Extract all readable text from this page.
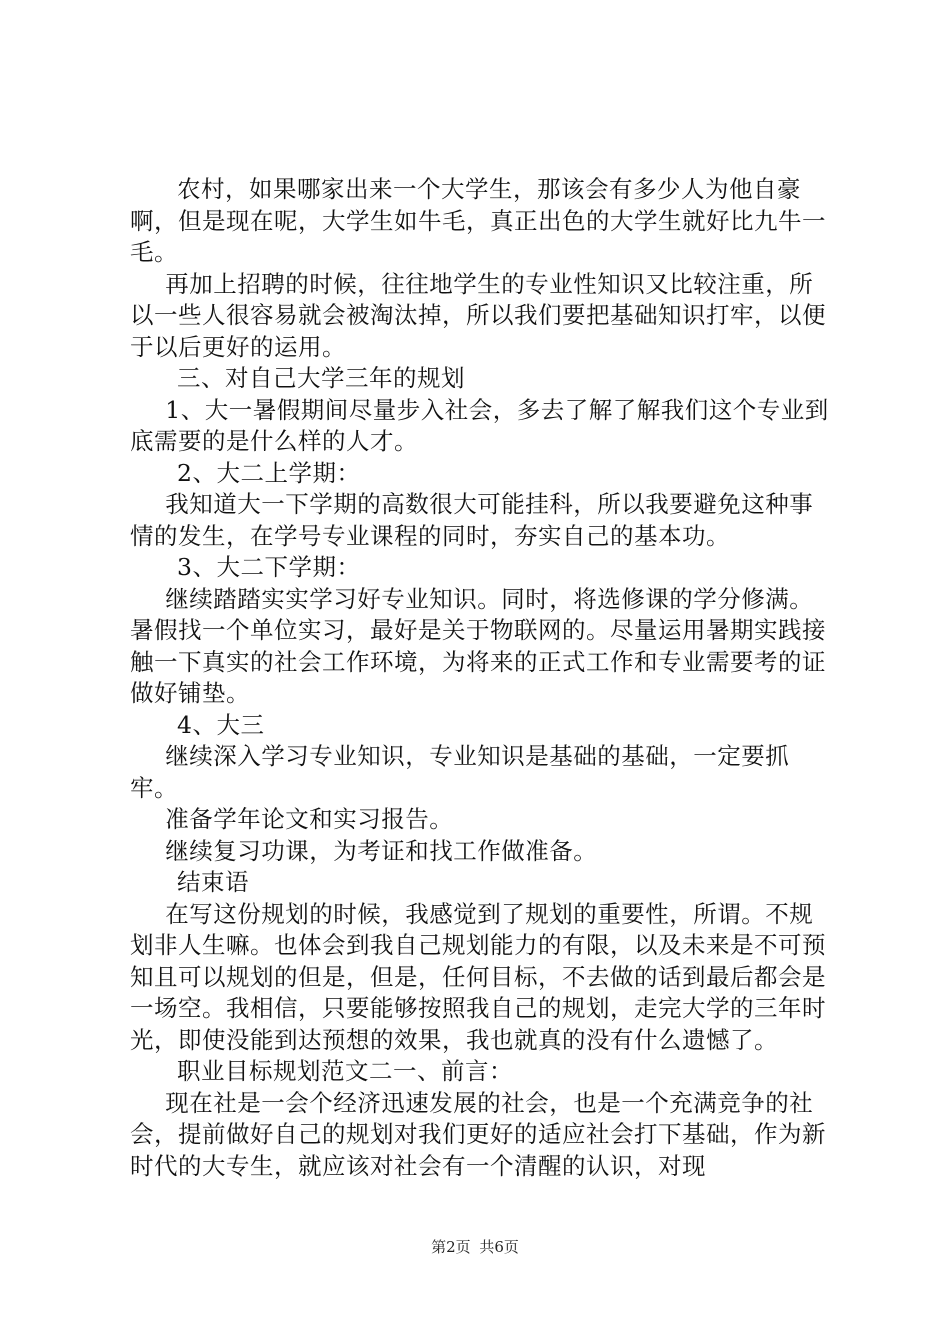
农村，如果哪家出来一个大学生，那该会有多少人为他自豪啊，但是现在呢，大学生如牛毛，真正出色的大学生就好比九牛一毛。

再加上招聘的时候，往往地学生的专业性知识又比较注重，所以一些人很容易就会被淘汰掉，所以我们要把基础知识打牢，以便于以后更好的运用。

三、对自己大学三年的规划

1、大一暑假期间尽量步入社会，多去了解了解我们这个专业到底需要的是什么样的人才。

2、大二上学期：

我知道大一下学期的高数很大可能挂科，所以我要避免这种事情的发生，在学号专业课程的同时，夯实自己的基本功。

3、大二下学期：

继续踏踏实实学习好专业知识。同时，将选修课的学分修满。暑假找一个单位实习，最好是关于物联网的。尽量运用暑期实践接触一下真实的社会工作环境，为将来的正式工作和专业需要考的证做好铺垫。

4、大三

继续深入学习专业知识，专业知识是基础的基础，一定要抓牢。

准备学年论文和实习报告。

继续复习功课，为考证和找工作做准备。

结束语

在写这份规划的时候，我感觉到了规划的重要性，所谓。不规划非人生嘛。也体会到我自己规划能力的有限，以及未来是不可预知且可以规划的但是，但是，任何目标，不去做的话到最后都会是一场空。我相信，只要能够按照我自己的规划，走完大学的三年时光，即使没能到达预想的效果，我也就真的没有什么遗憾了。

职业目标规划范文二一、前言：

现在社是一会个经济迅速发展的社会，也是一个充满竞争的社会，提前做好自己的规划对我们更好的适应社会打下基础，作为新时代的大专生，就应该对社会有一个清醒的认识，对现

第2页 共6页
